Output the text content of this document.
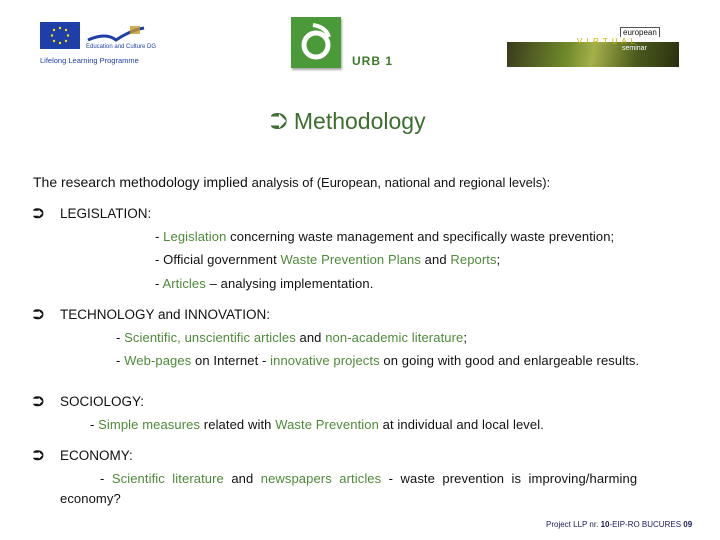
Education and Culture DG
Lifelong Learning Programme	URB 1
european
V I R T U A L
seminar
⮊ Methodology
The research methodology implied analysis of (European, national and regional levels):
⮊ LEGISLATION:
- Legislation concerning waste management and specifically waste prevention;
- Official government Waste Prevention Plans and Reports;
- Articles – analysing implementation.
⮊ TECHNOLOGY and INNOVATION:
- Scientific, unscientific articles and non-academic literature;
- Web-pages on Internet - innovative projects on going with good and enlargeable results.
⮊ SOCIOLOGY:
- Simple measures related with Waste Prevention at individual and local level.
⮊ ECONOMY:
-  Scientific  literature  and  newspapers  articles  -  waste  prevention  is  improving/harming
economy?
Project LLP nr. 10-EIP-RO BUCURES 09
